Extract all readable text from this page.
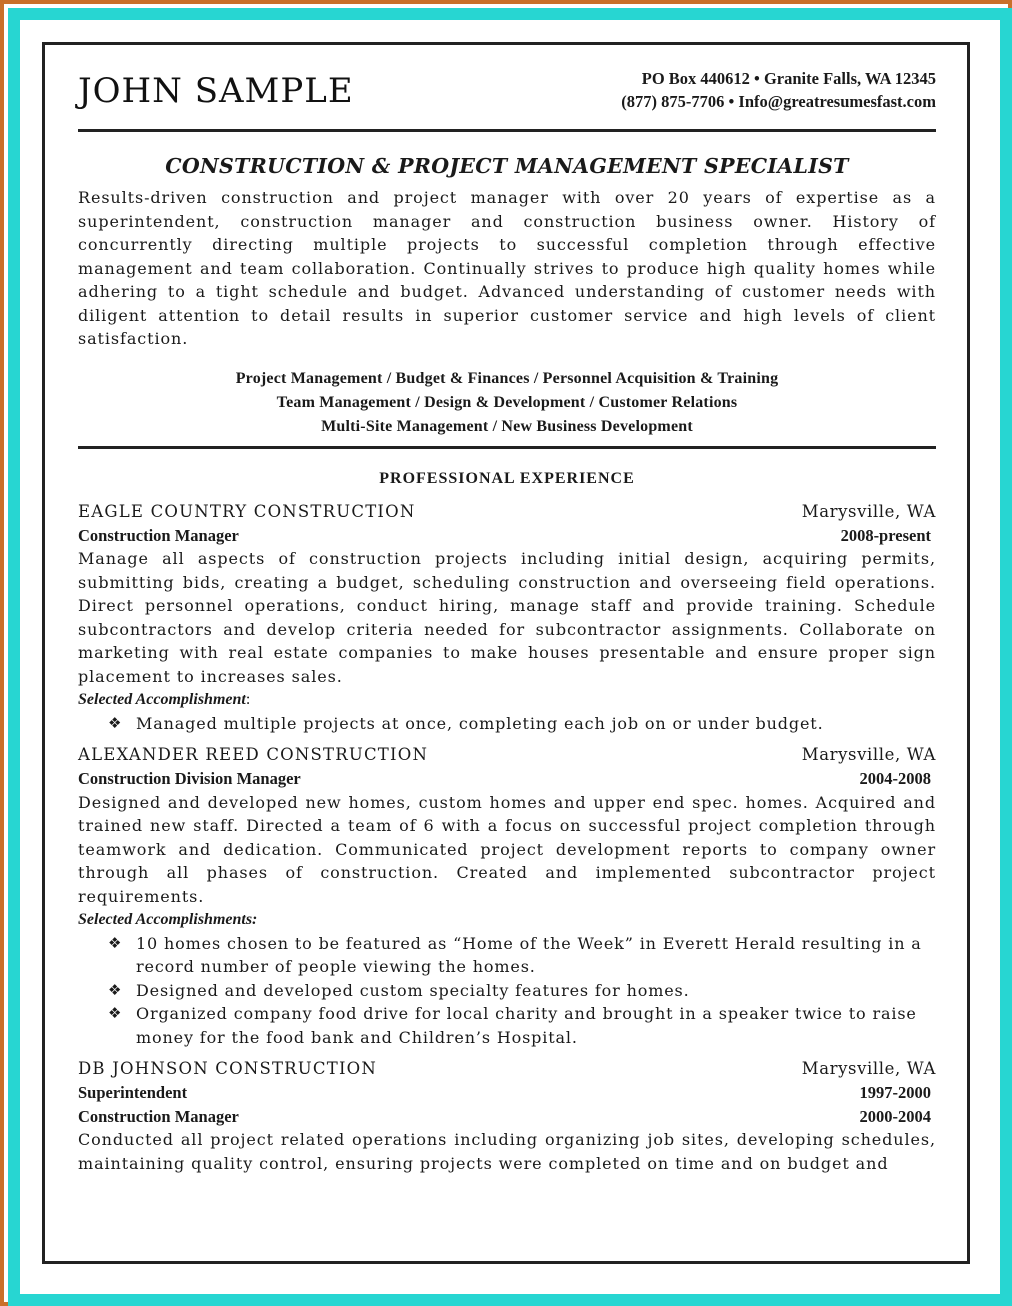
JOHN SAMPLE	PO Box 440612 • Granite Falls, WA 12345
(877) 875-7706 • Info@greatresumesfast.com
CONSTRUCTION & PROJECT MANAGEMENT SPECIALIST

Results-driven construction and project manager with over 20 years of expertise as a superintendent, construction manager and construction business owner. History of concurrently directing multiple projects to successful completion through effective management and team collaboration. Continually strives to produce high quality homes while adhering to a tight schedule and budget. Advanced understanding of customer needs with diligent attention to detail results in superior customer service and high levels of client satisfaction.

Project Management / Budget & Finances / Personnel Acquisition & Training
Team Management / Design & Development / Customer Relations
Multi-Site Management / New Business Development
PROFESSIONAL EXPERIENCE
EAGLE COUNTRY CONSTRUCTION	Marysville, WA
Construction Manager	2008-present

Manage all aspects of construction projects including initial design, acquiring permits, submitting bids, creating a budget, scheduling construction and overseeing field operations. Direct personnel operations, conduct hiring, manage staff and provide training. Schedule subcontractors and develop criteria needed for subcontractor assignments. Collaborate on marketing with real estate companies to make houses presentable and ensure proper sign placement to increases sales.

Selected Accomplishment:
❖ Managed multiple projects at once, completing each job on or under budget.
ALEXANDER REED CONSTRUCTION	Marysville, WA
Construction Division Manager	2004-2008

Designed and developed new homes, custom homes and upper end spec. homes. Acquired and trained new staff. Directed a team of 6 with a focus on successful project completion through teamwork and dedication. Communicated project development reports to company owner through all phases of construction. Created and implemented subcontractor project requirements.

Selected Accomplishments:
❖ 10 homes chosen to be featured as “Home of the Week” in Everett Herald resulting in a record number of people viewing the homes.
❖ Designed and developed custom specialty features for homes.
❖ Organized company food drive for local charity and brought in a speaker twice to raise money for the food bank and Children’s Hospital.
DB JOHNSON CONSTRUCTION	Marysville, WA
Superintendent	1997-2000
Construction Manager	2000-2004

Conducted all project related operations including organizing job sites, developing schedules, maintaining quality control, ensuring projects were completed on time and on budget and
